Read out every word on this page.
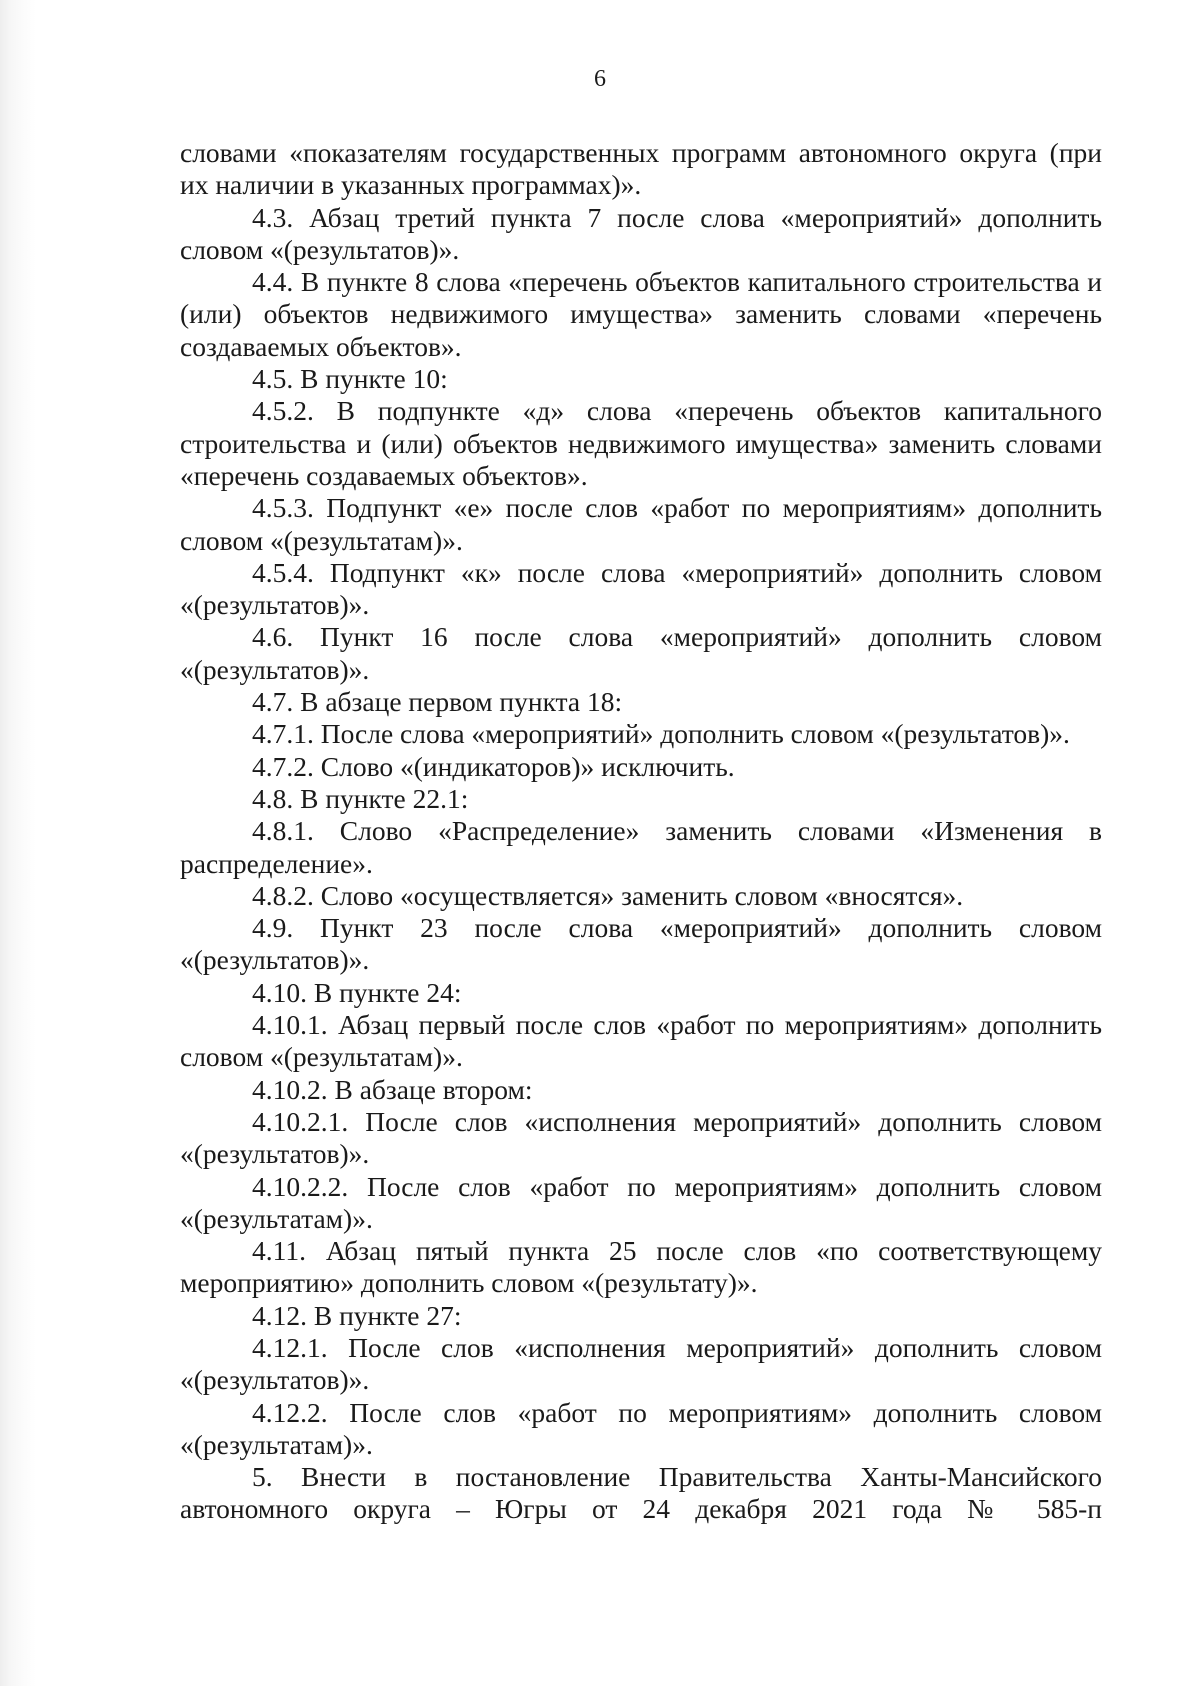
6

словами «показателям государственных программ автономного округа (при их наличии в указанных программах)».

4.3. Абзац третий пункта 7 после слова «мероприятий» дополнить словом «(результатов)».

4.4. В пункте 8 слова «перечень объектов капитального строительства и (или) объектов недвижимого имущества» заменить словами «перечень создаваемых объектов».

4.5. В пункте 10:

4.5.2. В подпункте «д» слова «перечень объектов капитального строительства и (или) объектов недвижимого имущества» заменить словами «перечень создаваемых объектов».

4.5.3. Подпункт «е» после слов «работ по мероприятиям» дополнить словом «(результатам)».

4.5.4. Подпункт «к» после слова «мероприятий» дополнить словом «(результатов)».

4.6. Пункт 16 после слова «мероприятий» дополнить словом «(результатов)».

4.7. В абзаце первом пункта 18:

4.7.1. После слова «мероприятий» дополнить словом «(результатов)».

4.7.2. Слово «(индикаторов)» исключить.

4.8. В пункте 22.1:

4.8.1. Слово «Распределение» заменить словами «Изменения в распределение».

4.8.2. Слово «осуществляется» заменить словом «вносятся».

4.9. Пункт 23 после слова «мероприятий» дополнить словом «(результатов)».

4.10. В пункте 24:

4.10.1. Абзац первый после слов «работ по мероприятиям» дополнить словом «(результатам)».

4.10.2. В абзаце втором:

4.10.2.1. После слов «исполнения мероприятий» дополнить словом «(результатов)».

4.10.2.2. После слов «работ по мероприятиям» дополнить словом «(результатам)».

4.11. Абзац пятый пункта 25 после слов «по соответствующему мероприятию» дополнить словом «(результату)».

4.12. В пункте 27:

4.12.1. После слов «исполнения мероприятий» дополнить словом «(результатов)».

4.12.2. После слов «работ по мероприятиям» дополнить словом «(результатам)».

5. Внести в постановление Правительства Ханты-Мансийского автономного округа – Югры от 24 декабря 2021 года № 585-п
